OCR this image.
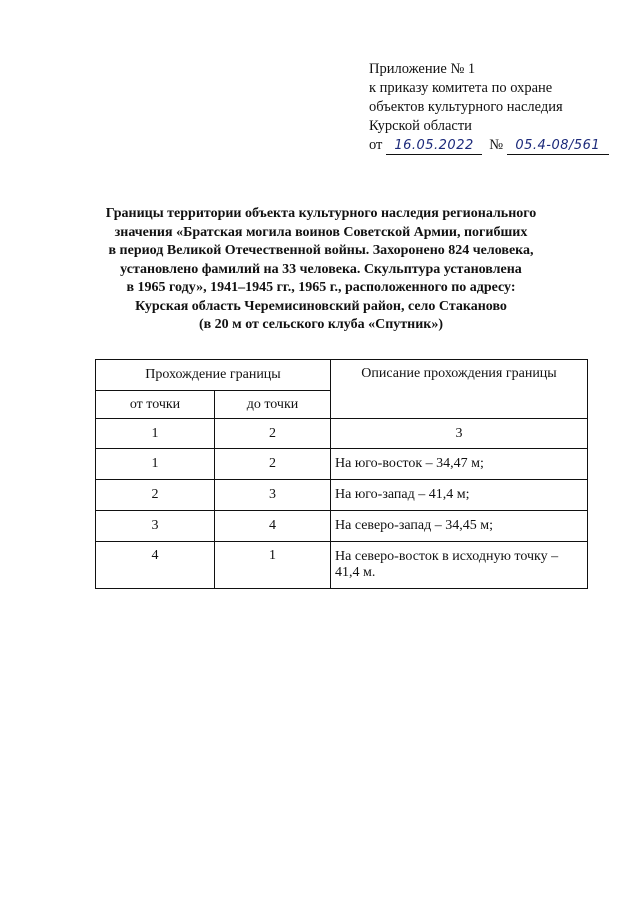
Приложение № 1
к приказу комитета по охране
объектов культурного наследия
Курской области
от 16.05.2022 № 05.4-08/561
Границы территории объекта культурного наследия регионального
значения «Братская могила воинов Советской Армии, погибших
в период Великой Отечественной войны. Захоронено 824 человека,
установлено фамилий на 33 человека. Скульптура установлена
в 1965 году», 1941–1945 гг., 1965 г., расположенного по адресу:
Курская область Черемисиновский район, село Стаканово
(в 20 м от сельского клуба «Спутник»)
Прохождение границы		Описание прохождения границы
от точки	до точки	
1	2	3
1	2	На юго-восток – 34,47 м;
2	3	На юго-запад – 41,4 м;
3	4	На северо-запад – 34,45 м;
4	1	На северо-восток в исходную точку – 41,4 м.
